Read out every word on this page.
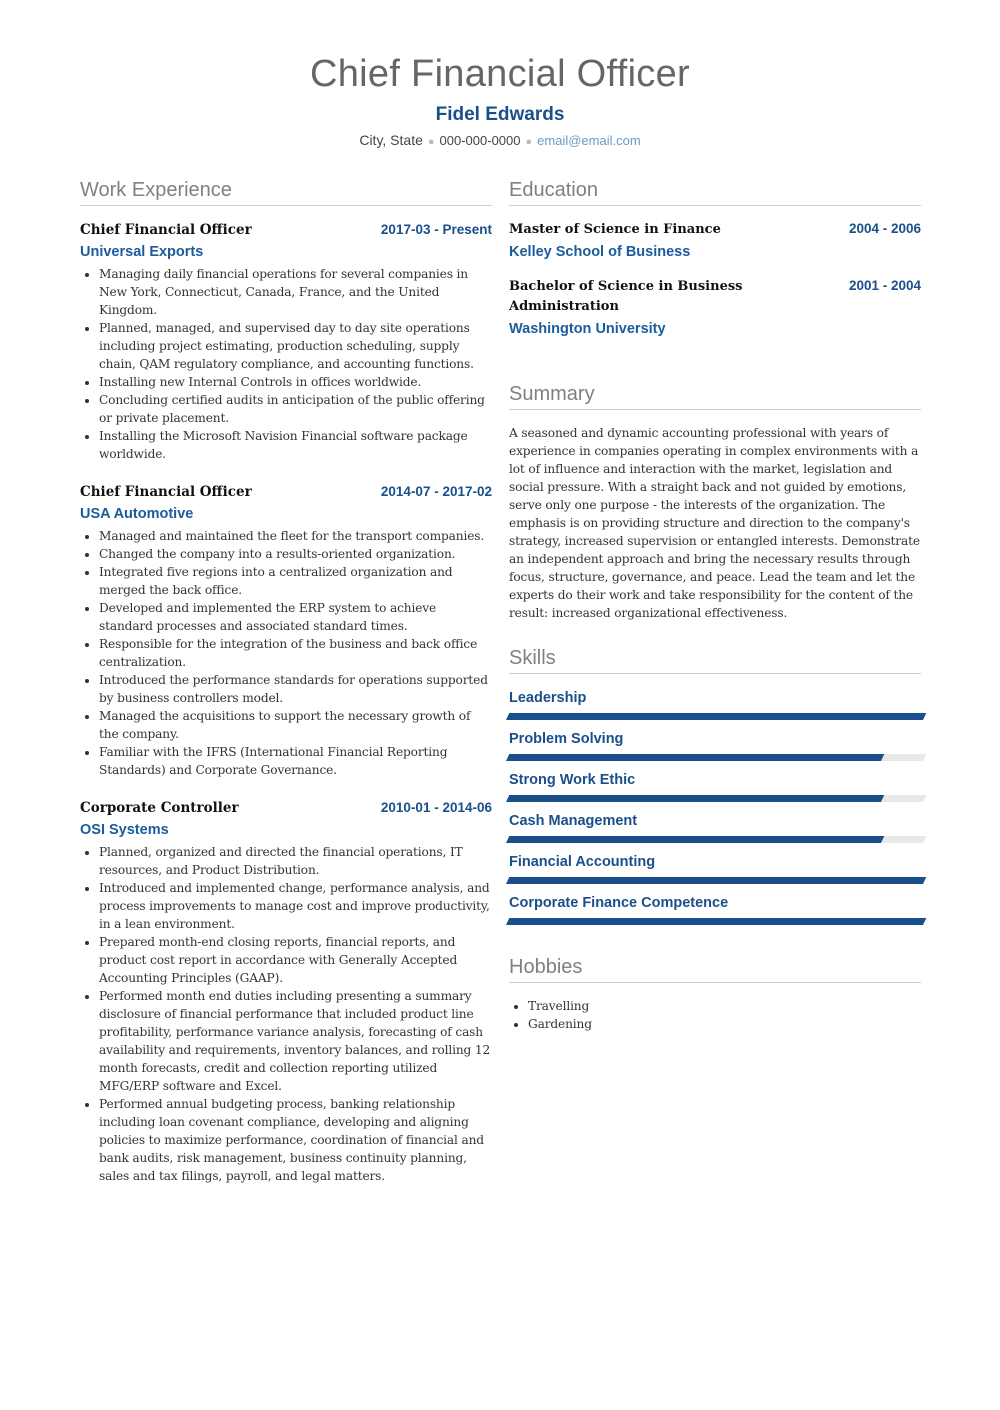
Chief Financial Officer
Fidel Edwards
City, State ● 000-000-0000 ● email@email.com
Work Experience
Chief Financial Officer	2017-03 - Present
Universal Exports
• Managing daily financial operations for several companies in New York, Connecticut, Canada, France, and the United Kingdom.
• Planned, managed, and supervised day to day site operations including project estimating, production scheduling, supply chain, QAM regulatory compliance, and accounting functions.
• Installing new Internal Controls in offices worldwide.
• Concluding certified audits in anticipation of the public offering or private placement.
• Installing the Microsoft Navision Financial software package worldwide.
Chief Financial Officer	2014-07 - 2017-02
USA Automotive
• Managed and maintained the fleet for the transport companies.
• Changed the company into a results-oriented organization.
• Integrated five regions into a centralized organization and merged the back office.
• Developed and implemented the ERP system to achieve standard processes and associated standard times.
• Responsible for the integration of the business and back office centralization.
• Introduced the performance standards for operations supported by business controllers model.
• Managed the acquisitions to support the necessary growth of the company.
• Familiar with the IFRS (International Financial Reporting Standards) and Corporate Governance.
Corporate Controller	2010-01 - 2014-06
OSI Systems
• Planned, organized and directed the financial operations, IT resources, and Product Distribution.
• Introduced and implemented change, performance analysis, and process improvements to manage cost and improve productivity, in a lean environment.
• Prepared month-end closing reports, financial reports, and product cost report in accordance with Generally Accepted Accounting Principles (GAAP).
• Performed month end duties including presenting a summary disclosure of financial performance that included product line profitability, performance variance analysis, forecasting of cash availability and requirements, inventory balances, and rolling 12 month forecasts, credit and collection reporting utilized MFG/ERP software and Excel.
• Performed annual budgeting process, banking relationship including loan covenant compliance, developing and aligning policies to maximize performance, coordination of financial and bank audits, risk management, business continuity planning, sales and tax filings, payroll, and legal matters.
Education
Master of Science in Finance	2004 - 2006
Kelley School of Business
Bachelor of Science in Business Administration
2001 - 2004
Washington University
Summary

A seasoned and dynamic accounting professional with years of experience in companies operating in complex environments with a lot of influence and interaction with the market, legislation and social pressure. With a straight back and not guided by emotions, serve only one purpose - the interests of the organization. The emphasis is on providing structure and direction to the company's strategy, increased supervision or entangled interests. Demonstrate an independent approach and bring the necessary results through focus, structure, governance, and peace. Lead the team and let the experts do their work and take responsibility for the content of the result: increased organizational effectiveness.

Skills
Leadership
Problem Solving
Strong Work Ethic
Cash Management
Financial Accounting
Corporate Finance Competence
Hobbies
• Travelling
• Gardening
